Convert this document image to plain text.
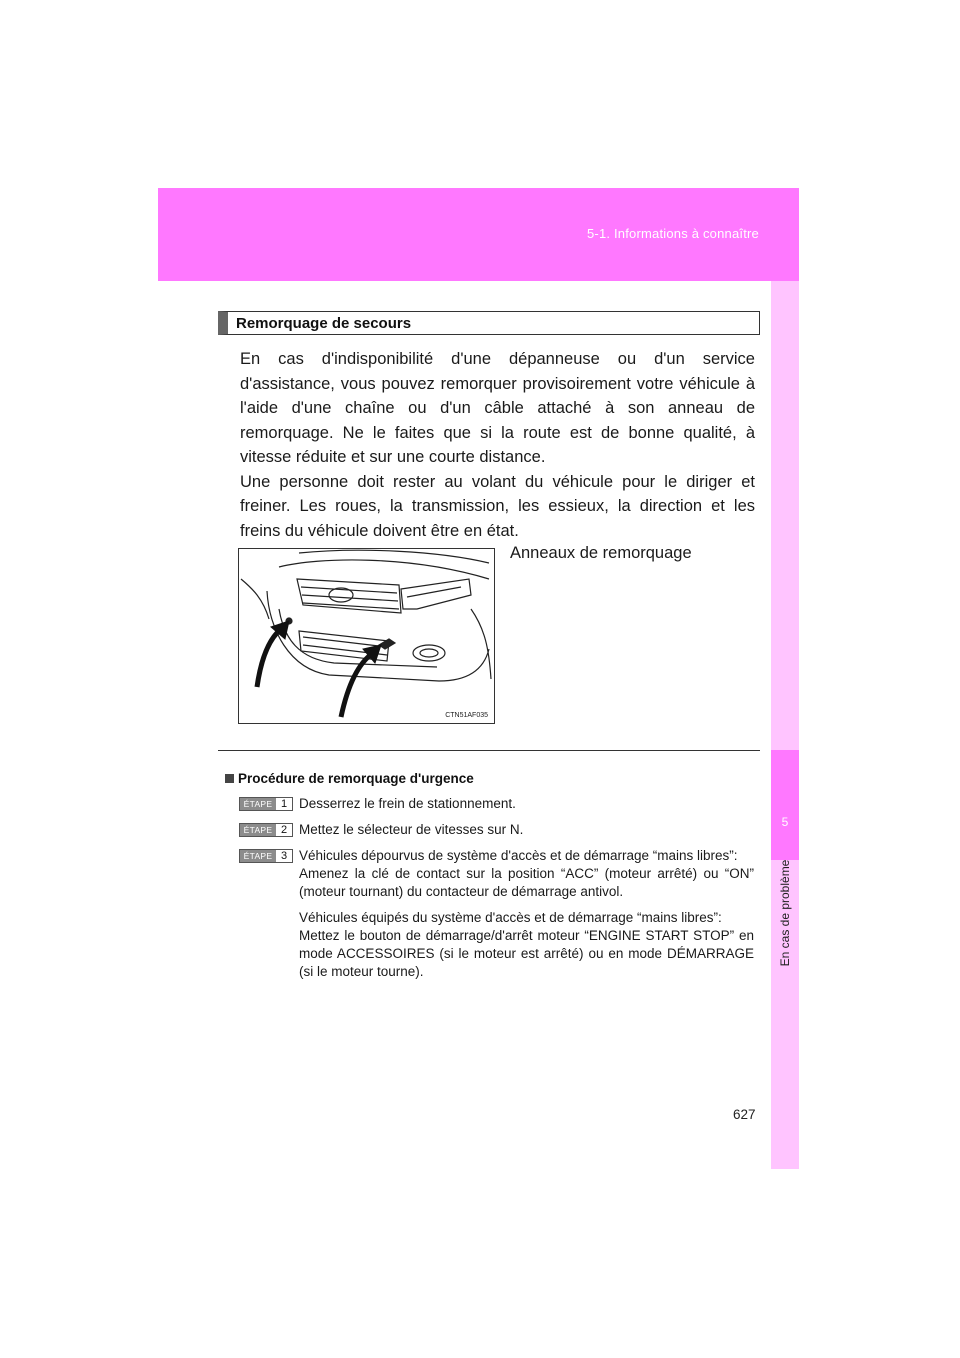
5-1. Informations à connaître
5
En cas de problème
Remorquage de secours

En cas d'indisponibilité d'une dépanneuse ou d'un service d'assistance, vous pouvez remorquer provisoirement votre véhicule à l'aide d'une chaîne ou d'un câble attaché à son anneau de remorquage. Ne le faites que si la route est de bonne qualité, à vitesse réduite et sur une courte distance.

Une personne doit rester au volant du véhicule pour le diriger et freiner. Les roues, la transmission, les essieux, la direction et les freins du véhicule doivent être en état.

CTN51AF035
Anneaux de remorquage
Procédure de remorquage d'urgence
ÉTAPE 1 Desserrez le frein de stationnement.
ÉTAPE 2 Mettez le sélecteur de vitesses sur N.
ÉTAPE 3 Véhicules dépourvus de système d'accès et de démarrage “mains libres”:

Amenez la clé de contact sur la position “ACC” (moteur arrêté) ou “ON” (moteur tournant) du contacteur de démarrage antivol.

Véhicules équipés du système d'accès et de démarrage “mains libres”:

Mettez le bouton de démarrage/d'arrêt moteur “ENGINE START STOP” en mode ACCESSOIRES (si le moteur est arrêté) ou en mode DÉMARRAGE (si le moteur tourne).

627
